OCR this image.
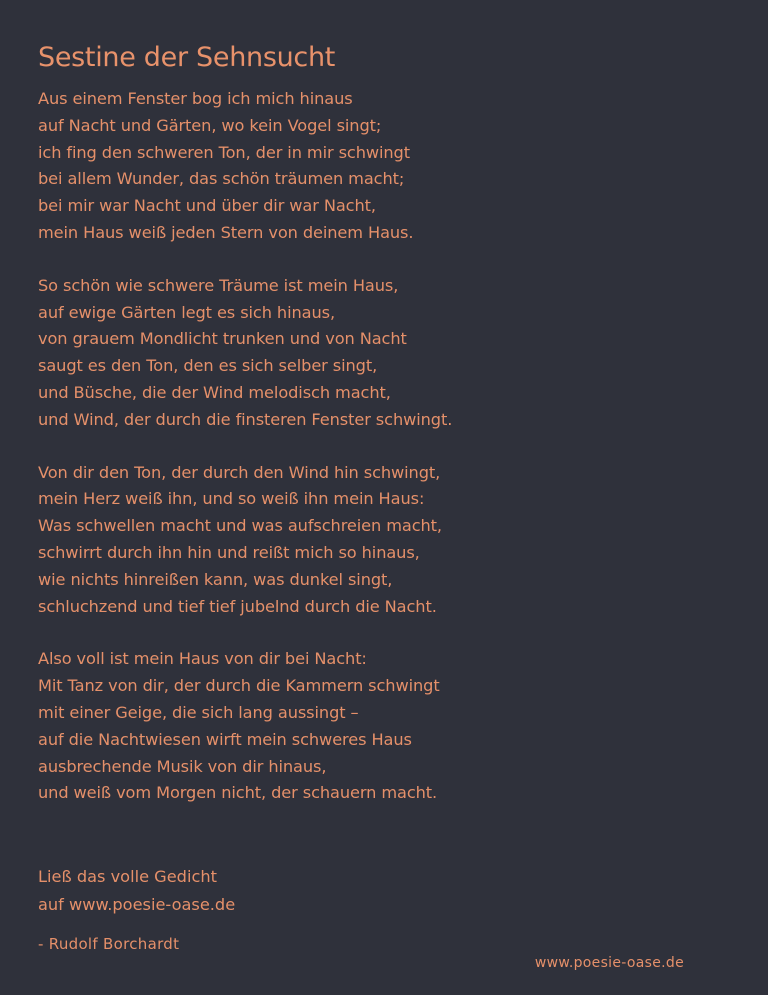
Sestine der Sehnsucht
Aus einem Fenster bog ich mich hinaus
auf Nacht und Gärten, wo kein Vogel singt;
ich fing den schweren Ton, der in mir schwingt
bei allem Wunder, das schön träumen macht;
bei mir war Nacht und über dir war Nacht,
mein Haus weiß jeden Stern von deinem Haus.
So schön wie schwere Träume ist mein Haus,
auf ewige Gärten legt es sich hinaus,
von grauem Mondlicht trunken und von Nacht
saugt es den Ton, den es sich selber singt,
und Büsche, die der Wind melodisch macht,
und Wind, der durch die finsteren Fenster schwingt.
Von dir den Ton, der durch den Wind hin schwingt,
mein Herz weiß ihn, und so weiß ihn mein Haus:
Was schwellen macht und was aufschreien macht,
schwirrt durch ihn hin und reißt mich so hinaus,
wie nichts hinreißen kann, was dunkel singt,
schluchzend und tief tief jubelnd durch die Nacht.
Also voll ist mein Haus von dir bei Nacht:
Mit Tanz von dir, der durch die Kammern schwingt
mit einer Geige, die sich lang aussingt –
auf die Nachtwiesen wirft mein schweres Haus
ausbrechende Musik von dir hinaus,
und weiß vom Morgen nicht, der schauern macht.
Ließ das volle Gedicht
auf www.poesie-oase.de
- Rudolf Borchardt
www.poesie-oase.de
